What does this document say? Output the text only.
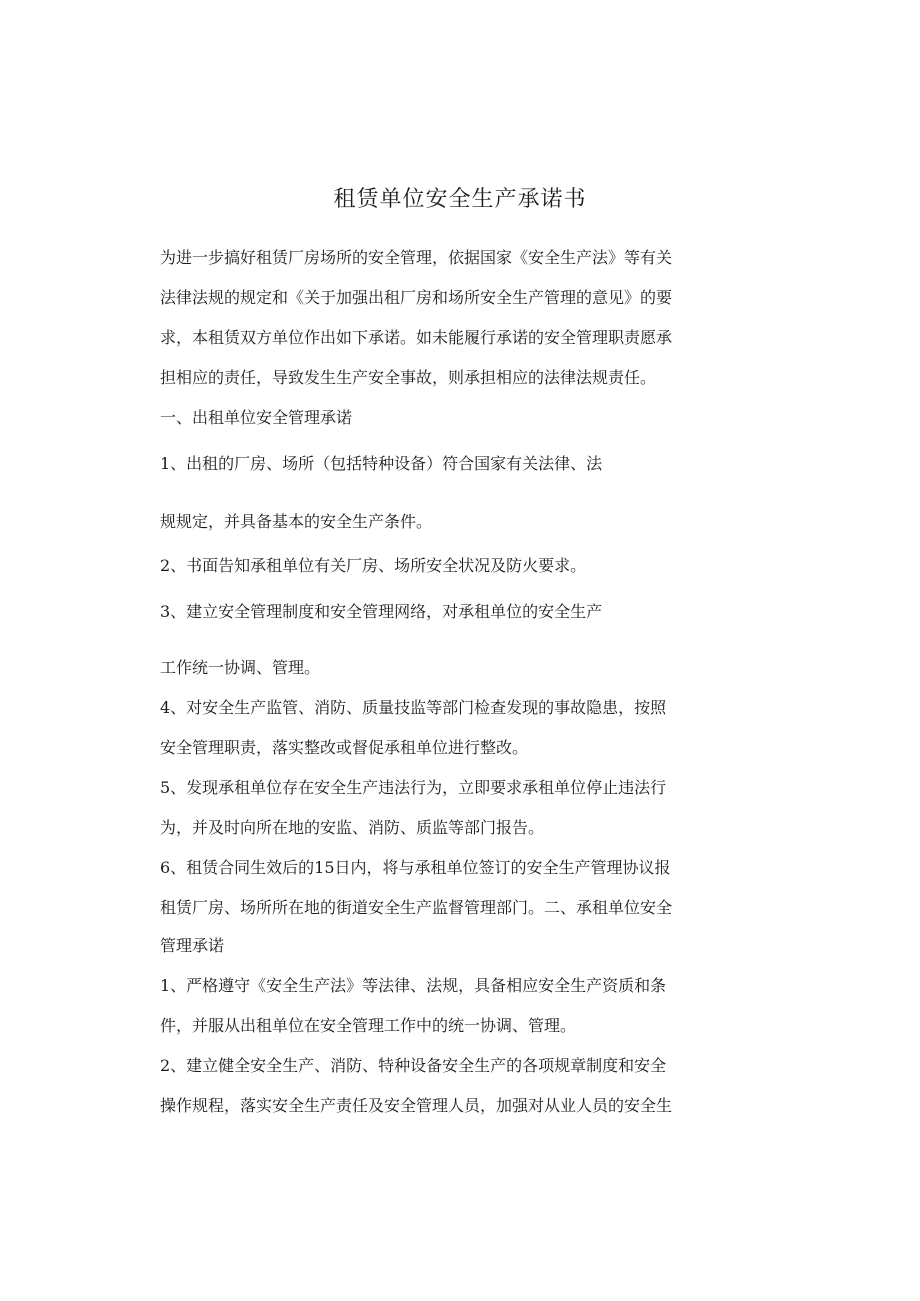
租赁单位安全生产承诺书
为进一步搞好租赁厂房场所的安全管理，依据国家《安全生产法》等有关
法律法规的规定和《关于加强出租厂房和场所安全生产管理的意见》的要
求，本租赁双方单位作出如下承诺。如未能履行承诺的安全管理职责愿承
担相应的责任，导致发生生产安全事故，则承担相应的法律法规责任。
一、出租单位安全管理承诺
1、出租的厂房、场所（包括特种设备）符合国家有关法律、法
规规定，并具备基本的安全生产条件。
2、书面告知承租单位有关厂房、场所安全状况及防火要求。
3、建立安全管理制度和安全管理网络，对承租单位的安全生产
工作统一协调、管理。
4、对安全生产监管、消防、质量技监等部门检查发现的事故隐患，按照
安全管理职责，落实整改或督促承租单位进行整改。
5、发现承租单位存在安全生产违法行为，立即要求承租单位停止违法行
为，并及时向所在地的安监、消防、质监等部门报告。
6、租赁合同生效后的15日内，将与承租单位签订的安全生产管理协议报
租赁厂房、场所所在地的街道安全生产监督管理部门。二、承租单位安全
管理承诺
1、严格遵守《安全生产法》等法律、法规，具备相应安全生产资质和条
件，并服从出租单位在安全管理工作中的统一协调、管理。
2、建立健全安全生产、消防、特种设备安全生产的各项规章制度和安全
操作规程，落实安全生产责任及安全管理人员，加强对从业人员的安全生
